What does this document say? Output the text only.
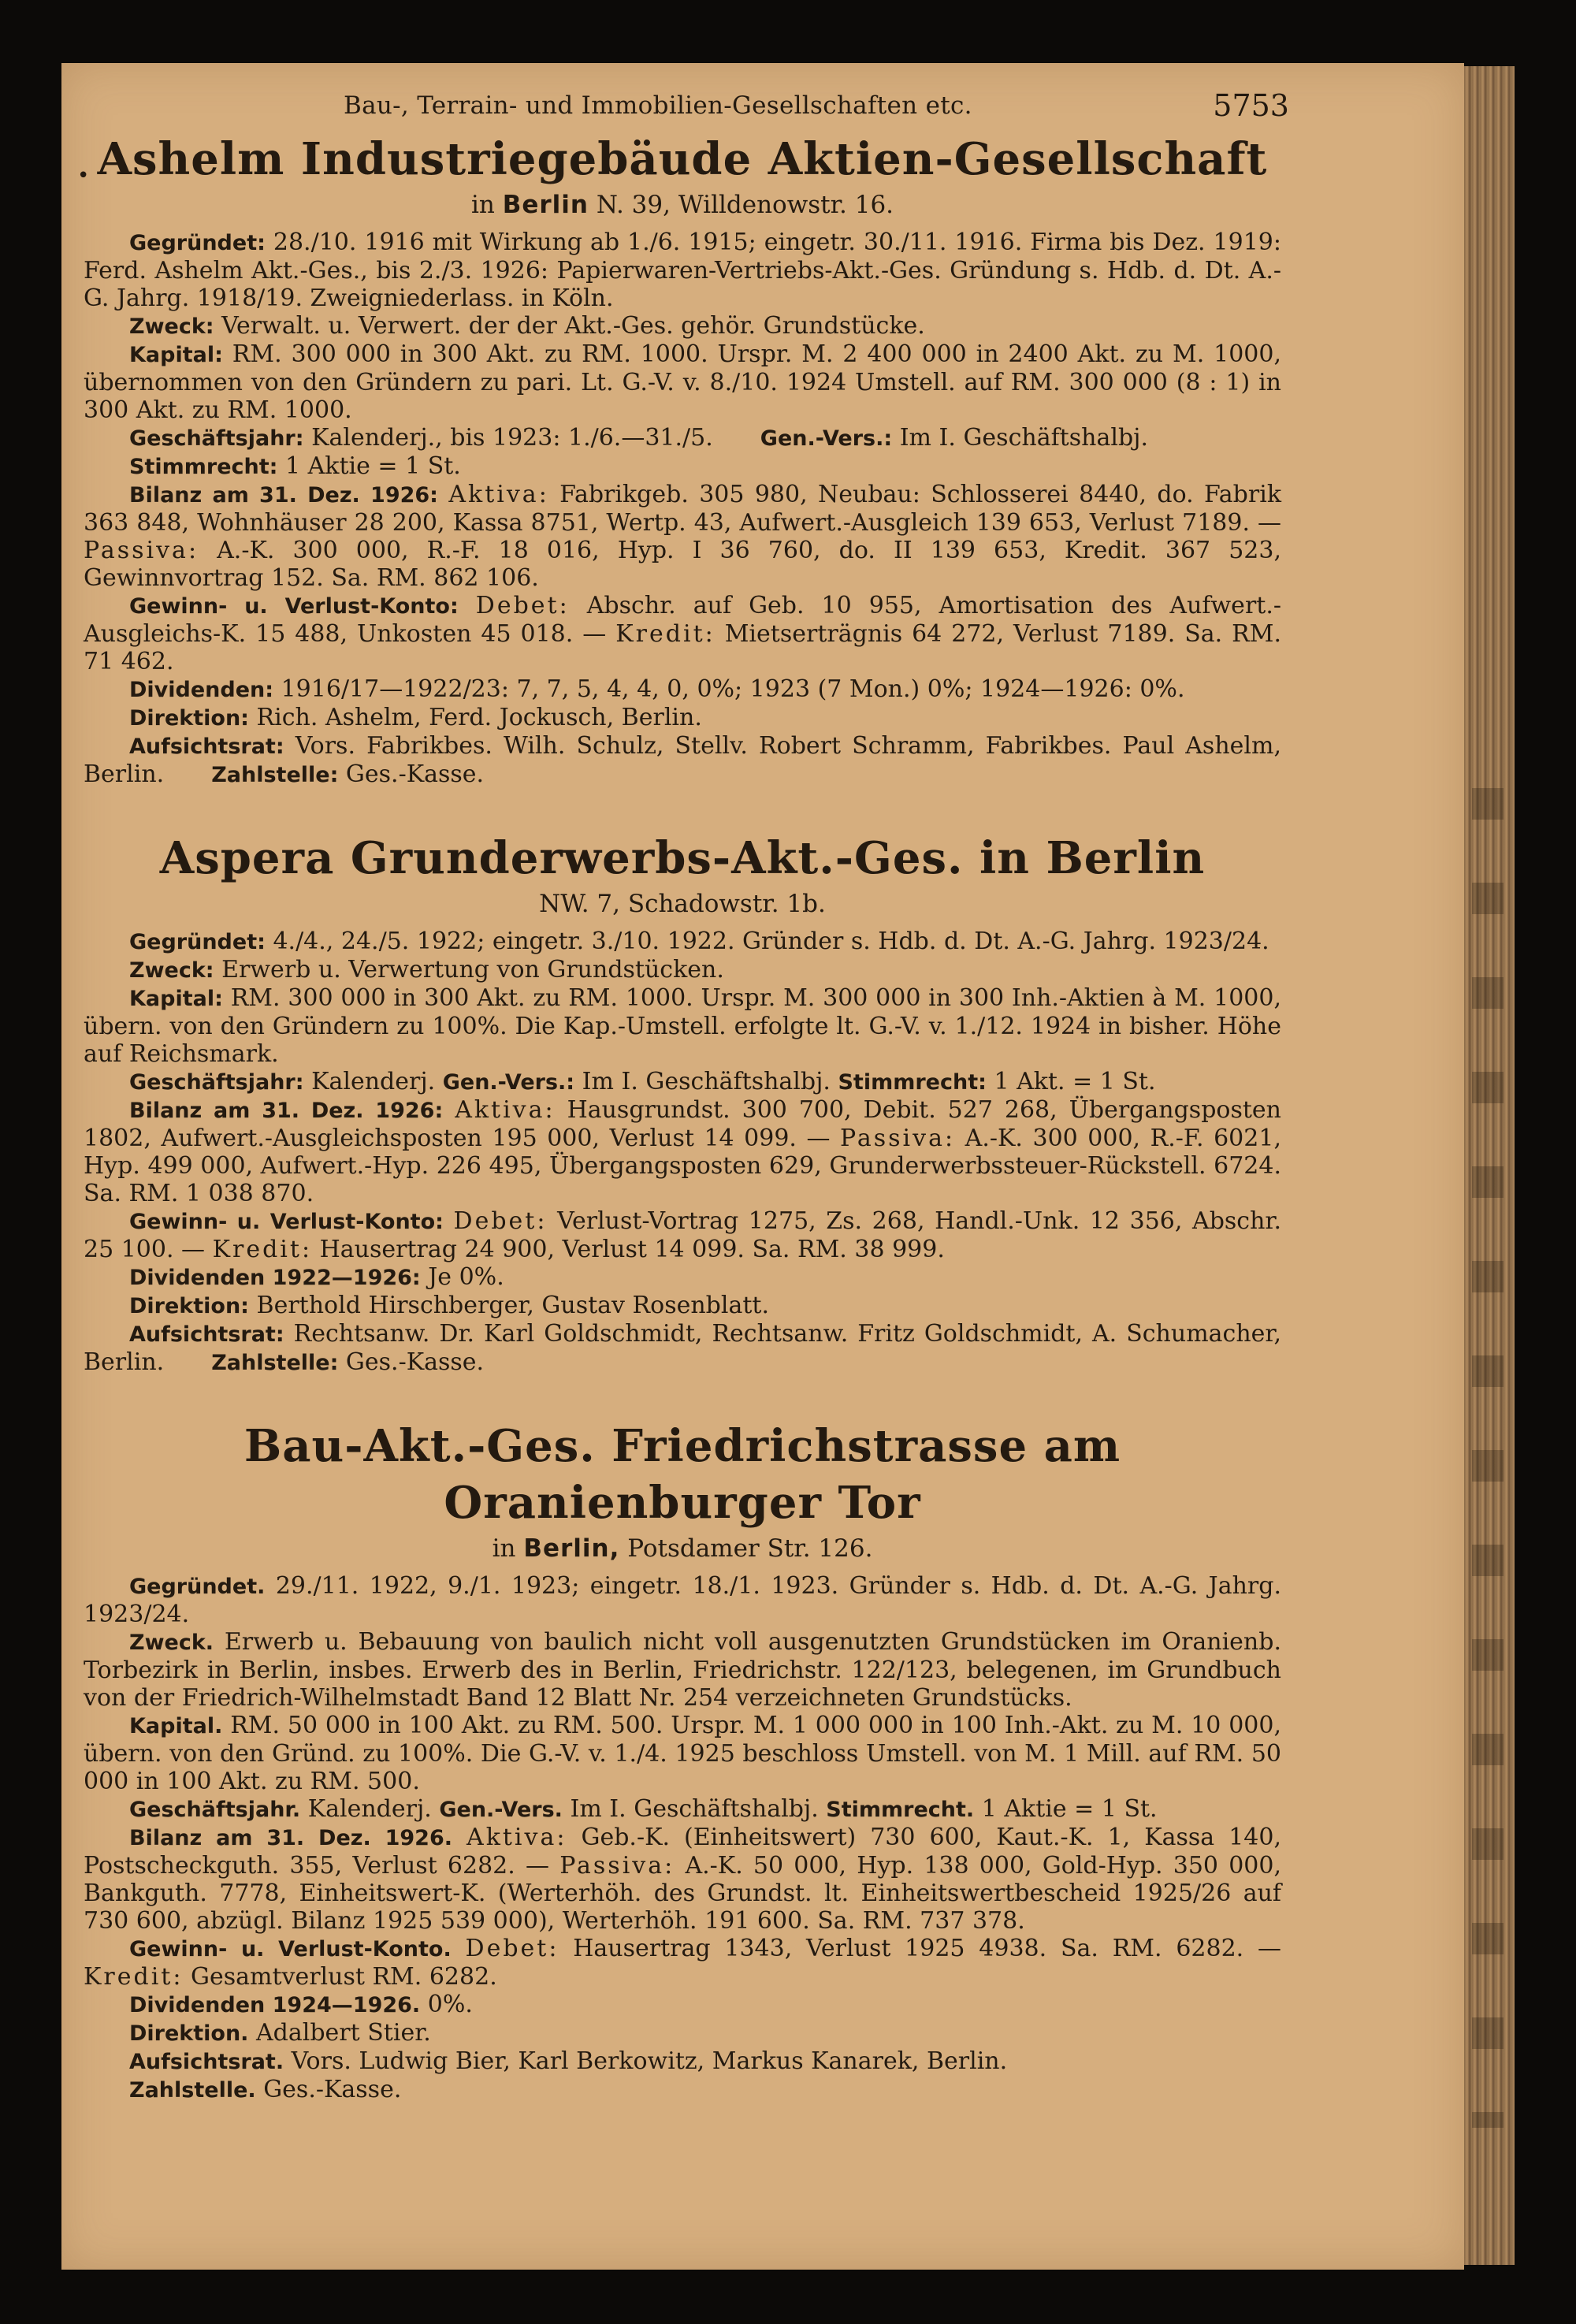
Bau-, Terrain- und Immobilien-Gesellschaften etc.	5753
• Ashelm Industriegebäude Aktien-Gesellschaft
in Berlin N. 39, Willdenowstr. 16.

Gegründet: 28./10. 1916 mit Wirkung ab 1./6. 1915; eingetr. 30./11. 1916. Firma bis Dez. 1919: Ferd. Ashelm Akt.-Ges., bis 2./3. 1926: Papierwaren-Vertriebs-Akt.-Ges. Gründung s. Hdb. d. Dt. A.-G. Jahrg. 1918/19. Zweigniederlass. in Köln.

Zweck: Verwalt. u. Verwert. der der Akt.-Ges. gehör. Grundstücke.

Kapital: RM. 300 000 in 300 Akt. zu RM. 1000. Urspr. M. 2 400 000 in 2400 Akt. zu M. 1000, übernommen von den Gründern zu pari. Lt. G.-V. v. 8./10. 1924 Umstell. auf RM. 300 000 (8 : 1) in 300 Akt. zu RM. 1000.

Geschäftsjahr: Kalenderj., bis 1923: 1./6.—31./5. Gen.-Vers.: Im I. Geschäftshalbj.

Stimmrecht: 1 Aktie = 1 St.

Bilanz am 31. Dez. 1926: Aktiva: Fabrikgeb. 305 980, Neubau: Schlosserei 8440, do. Fabrik 363 848, Wohnhäuser 28 200, Kassa 8751, Wertp. 43, Aufwert.-Ausgleich 139 653, Verlust 7189. — Passiva: A.-K. 300 000, R.-F. 18 016, Hyp. I 36 760, do. II 139 653, Kredit. 367 523, Gewinnvortrag 152. Sa. RM. 862 106.

Gewinn- u. Verlust-Konto: Debet: Abschr. auf Geb. 10 955, Amortisation des Aufwert.-Ausgleichs-K. 15 488, Unkosten 45 018. — Kredit: Mietserträgnis 64 272, Verlust 7189. Sa. RM. 71 462.

Dividenden: 1916/17—1922/23: 7, 7, 5, 4, 4, 0, 0%; 1923 (7 Mon.) 0%; 1924—1926: 0%.

Direktion: Rich. Ashelm, Ferd. Jockusch, Berlin.

Aufsichtsrat: Vors. Fabrikbes. Wilh. Schulz, Stellv. Robert Schramm, Fabrikbes. Paul Ashelm, Berlin. Zahlstelle: Ges.-Kasse.

Aspera Grunderwerbs-Akt.-Ges. in Berlin
NW. 7, Schadowstr. 1b.

Gegründet: 4./4., 24./5. 1922; eingetr. 3./10. 1922. Gründer s. Hdb. d. Dt. A.-G. Jahrg. 1923/24.

Zweck: Erwerb u. Verwertung von Grundstücken.

Kapital: RM. 300 000 in 300 Akt. zu RM. 1000. Urspr. M. 300 000 in 300 Inh.-Aktien à M. 1000, übern. von den Gründern zu 100%. Die Kap.-Umstell. erfolgte lt. G.-V. v. 1./12. 1924 in bisher. Höhe auf Reichsmark.

Geschäftsjahr: Kalenderj. Gen.-Vers.: Im I. Geschäftshalbj. Stimmrecht: 1 Akt. = 1 St.

Bilanz am 31. Dez. 1926: Aktiva: Hausgrundst. 300 700, Debit. 527 268, Übergangsposten 1802, Aufwert.-Ausgleichsposten 195 000, Verlust 14 099. — Passiva: A.-K. 300 000, R.-F. 6021, Hyp. 499 000, Aufwert.-Hyp. 226 495, Übergangsposten 629, Grunderwerbssteuer-Rückstell. 6724. Sa. RM. 1 038 870.

Gewinn- u. Verlust-Konto: Debet: Verlust-Vortrag 1275, Zs. 268, Handl.-Unk. 12 356, Abschr. 25 100. — Kredit: Hausertrag 24 900, Verlust 14 099. Sa. RM. 38 999.

Dividenden 1922—1926: Je 0%.

Direktion: Berthold Hirschberger, Gustav Rosenblatt.

Aufsichtsrat: Rechtsanw. Dr. Karl Goldschmidt, Rechtsanw. Fritz Goldschmidt, A. Schumacher, Berlin. Zahlstelle: Ges.-Kasse.

Bau-Akt.-Ges. Friedrichstrasse am Oranienburger Tor
in Berlin, Potsdamer Str. 126.

Gegründet. 29./11. 1922, 9./1. 1923; eingetr. 18./1. 1923. Gründer s. Hdb. d. Dt. A.-G. Jahrg. 1923/24.

Zweck. Erwerb u. Bebauung von baulich nicht voll ausgenutzten Grundstücken im Oranienb. Torbezirk in Berlin, insbes. Erwerb des in Berlin, Friedrichstr. 122/123, belegenen, im Grundbuch von der Friedrich-Wilhelmstadt Band 12 Blatt Nr. 254 verzeichneten Grundstücks.

Kapital. RM. 50 000 in 100 Akt. zu RM. 500. Urspr. M. 1 000 000 in 100 Inh.-Akt. zu M. 10 000, übern. von den Gründ. zu 100%. Die G.-V. v. 1./4. 1925 beschloss Umstell. von M. 1 Mill. auf RM. 50 000 in 100 Akt. zu RM. 500.

Geschäftsjahr. Kalenderj. Gen.-Vers. Im I. Geschäftshalbj. Stimmrecht. 1 Aktie = 1 St.

Bilanz am 31. Dez. 1926. Aktiva: Geb.-K. (Einheitswert) 730 600, Kaut.-K. 1, Kassa 140, Postscheckguth. 355, Verlust 6282. — Passiva: A.-K. 50 000, Hyp. 138 000, Gold-Hyp. 350 000, Bankguth. 7778, Einheitswert-K. (Werterhöh. des Grundst. lt. Einheitswertbescheid 1925/26 auf 730 600, abzügl. Bilanz 1925 539 000), Werterhöh. 191 600. Sa. RM. 737 378.

Gewinn- u. Verlust-Konto. Debet: Hausertrag 1343, Verlust 1925 4938. Sa. RM. 6282. — Kredit: Gesamtverlust RM. 6282.

Dividenden 1924—1926. 0%.

Direktion. Adalbert Stier.

Aufsichtsrat. Vors. Ludwig Bier, Karl Berkowitz, Markus Kanarek, Berlin.

Zahlstelle. Ges.-Kasse.
